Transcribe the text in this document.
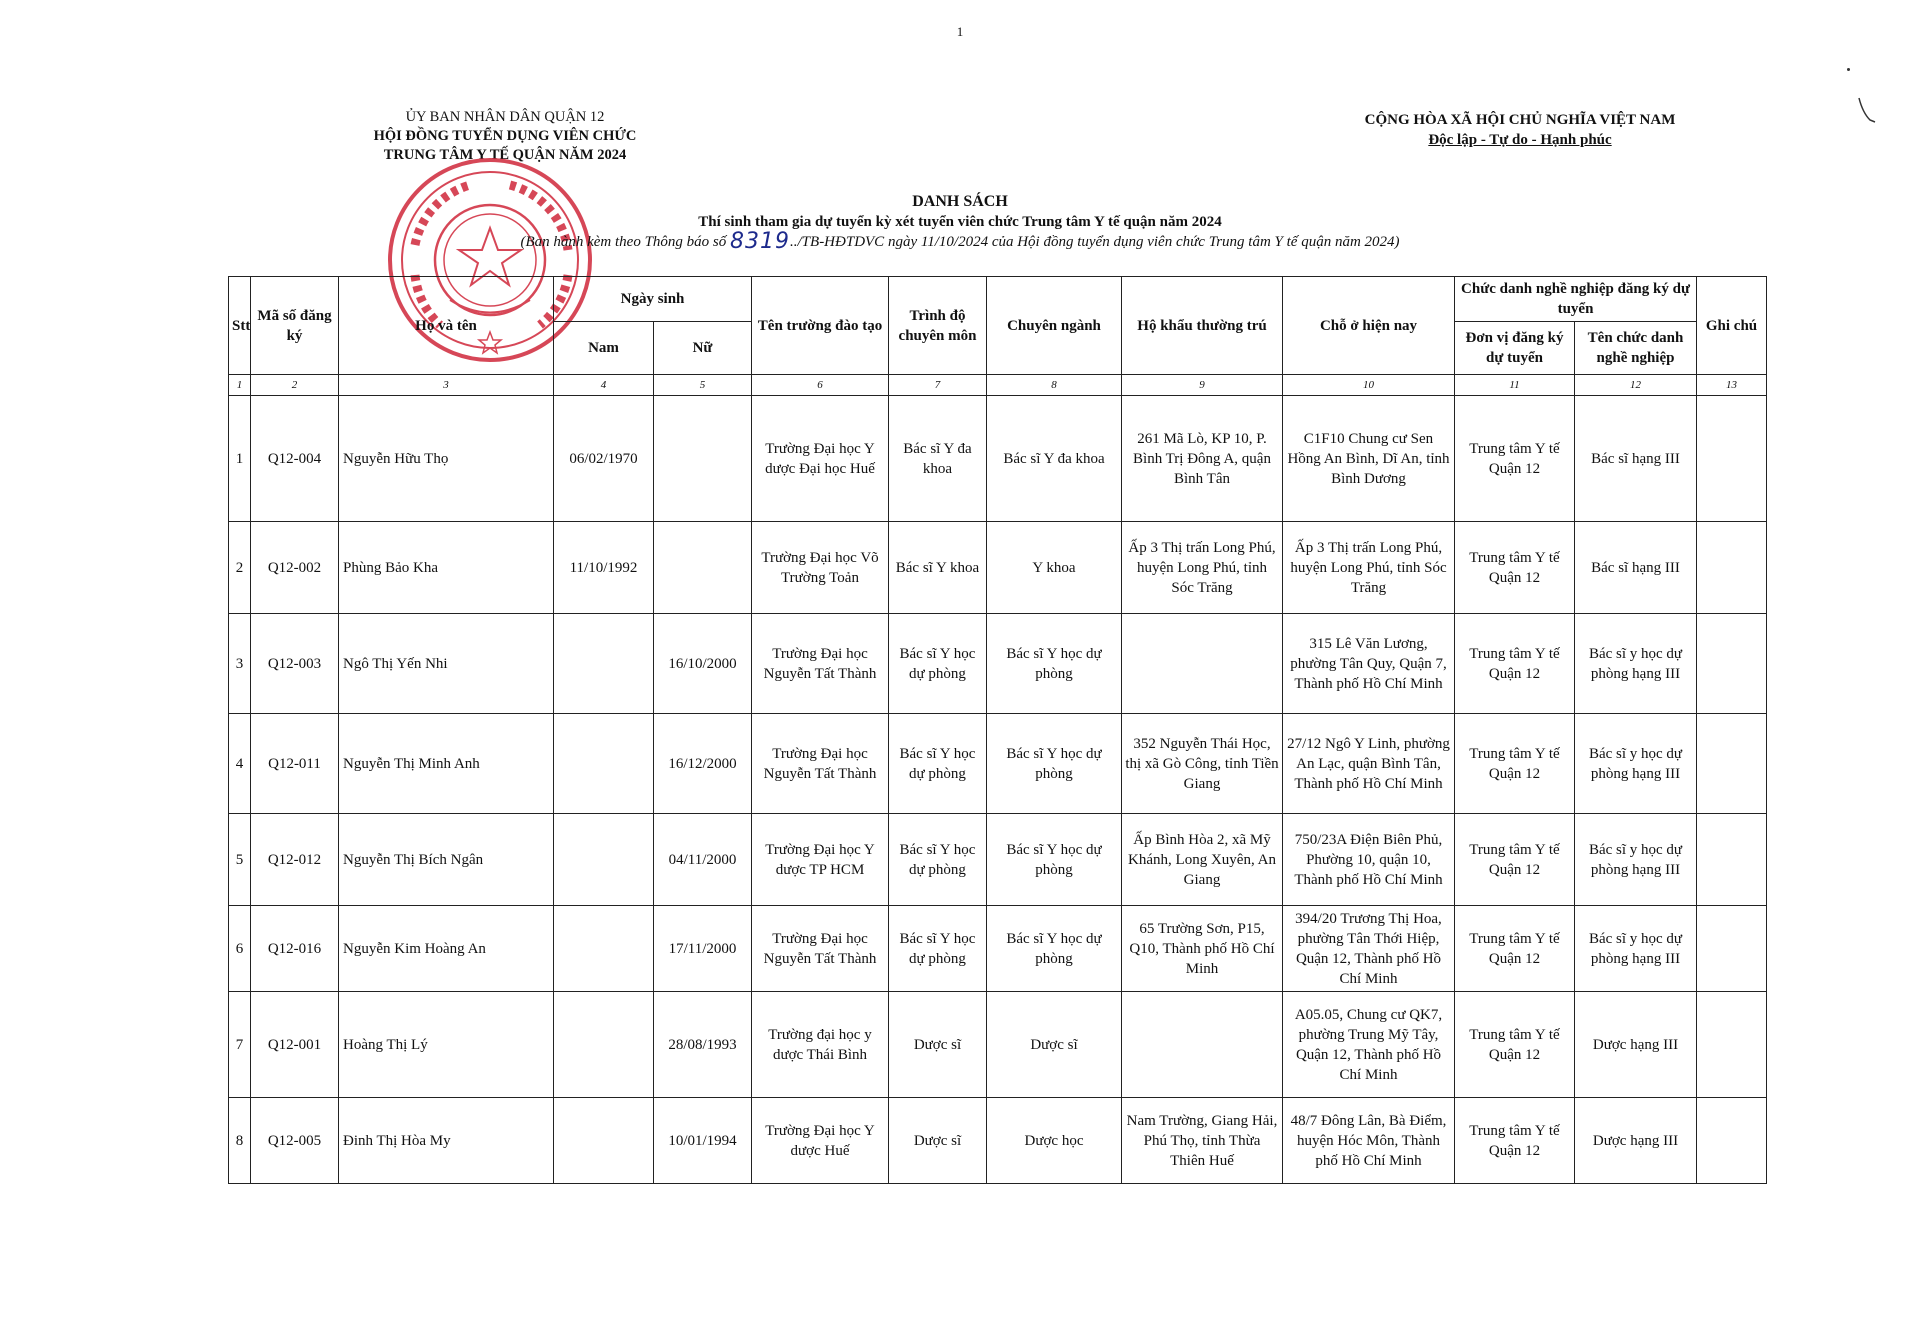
1
ỦY BAN NHÂN DÂN QUẬN 12
HỘI ĐỒNG TUYỂN DỤNG VIÊN CHỨC
TRUNG TÂM Y TẾ QUẬN NĂM 2024
CỘNG HÒA XÃ HỘI CHỦ NGHĨA VIỆT NAM
Độc lập - Tự do - Hạnh phúc
DANH SÁCH
Thí sinh tham gia dự tuyển kỳ xét tuyển viên chức Trung tâm Y tế quận năm 2024
(Ban hành kèm theo Thông báo số 8319../TB-HĐTDVC ngày 11/10/2024 của Hội đồng tuyển dụng viên chức Trung tâm Y tế quận năm 2024)
Stt	Mã số đăng ký	Họ và tên	Ngày sinh		Tên trường đào tạo	Trình độ chuyên môn	Chuyên ngành	Hộ khẩu thường trú	Chỗ ở hiện nay	Chức danh nghề nghiệp đăng ký dự tuyển		Ghi chú
			Nam	Nữ						Đơn vị đăng ký dự tuyển	Tên chức danh nghề nghiệp	
1	2	3	4	5	6	7	8	9	10	11	12	13
1	Q12-004	Nguyễn Hữu Thọ	06/02/1970		Trường Đại học Y dược Đại học Huế	Bác sĩ Y đa khoa	Bác sĩ Y đa khoa	261 Mã Lò, KP 10, P. Bình Trị Đông A, quận Bình Tân	C1F10 Chung cư Sen Hồng An Bình, Dĩ An, tỉnh Bình Dương	Trung tâm Y tế Quận 12	Bác sĩ hạng III	
2	Q12-002	Phùng Bảo Kha	11/10/1992		Trường Đại học Võ Trường Toản	Bác sĩ Y khoa	Y khoa	Ấp 3 Thị trấn Long Phú, huyện Long Phú, tỉnh Sóc Trăng	Ấp 3 Thị trấn Long Phú, huyện Long Phú, tỉnh Sóc Trăng	Trung tâm Y tế Quận 12	Bác sĩ hạng III	
3	Q12-003	Ngô Thị Yến Nhi		16/10/2000	Trường Đại học Nguyễn Tất Thành	Bác sĩ Y học dự phòng	Bác sĩ Y học dự phòng		315 Lê Văn Lương, phường Tân Quy, Quận 7, Thành phố Hồ Chí Minh	Trung tâm Y tế Quận 12	Bác sĩ y học dự phòng hạng III	
4	Q12-011	Nguyễn Thị Minh Anh		16/12/2000	Trường Đại học Nguyễn Tất Thành	Bác sĩ Y học dự phòng	Bác sĩ Y học dự phòng	352 Nguyễn Thái Học, thị xã Gò Công, tỉnh Tiền Giang	27/12 Ngô Y Linh, phường An Lạc, quận Bình Tân, Thành phố Hồ Chí Minh	Trung tâm Y tế Quận 12	Bác sĩ y học dự phòng hạng III	
5	Q12-012	Nguyễn Thị Bích Ngân		04/11/2000	Trường Đại học Y dược TP HCM	Bác sĩ Y học dự phòng	Bác sĩ Y học dự phòng	Ấp Bình Hòa 2, xã Mỹ Khánh, Long Xuyên, An Giang	750/23A Điện Biên Phủ, Phường 10, quận 10, Thành phố Hồ Chí Minh	Trung tâm Y tế Quận 12	Bác sĩ y học dự phòng hạng III	
6	Q12-016	Nguyễn Kim Hoàng An		17/11/2000	Trường Đại học Nguyễn Tất Thành	Bác sĩ Y học dự phòng	Bác sĩ Y học dự phòng	65 Trường Sơn, P15, Q10, Thành phố Hồ Chí Minh	394/20 Trương Thị Hoa, phường Tân Thới Hiệp, Quận 12, Thành phố Hồ Chí Minh	Trung tâm Y tế Quận 12	Bác sĩ y học dự phòng hạng III	
7	Q12-001	Hoàng Thị Lý		28/08/1993	Trường đại học y dược Thái Bình	Dược sĩ	Dược sĩ		A05.05, Chung cư QK7, phường Trung Mỹ Tây, Quận 12, Thành phố Hồ Chí Minh	Trung tâm Y tế Quận 12	Dược hạng III	
8	Q12-005	Đinh Thị Hòa My		10/01/1994	Trường Đại học Y dược Huế	Dược sĩ	Dược học	Nam Trường, Giang Hải, Phú Thọ, tỉnh Thừa Thiên Huế	48/7 Đông Lân, Bà Điểm, huyện Hóc Môn, Thành phố Hồ Chí Minh	Trung tâm Y tế Quận 12	Dược hạng III	
